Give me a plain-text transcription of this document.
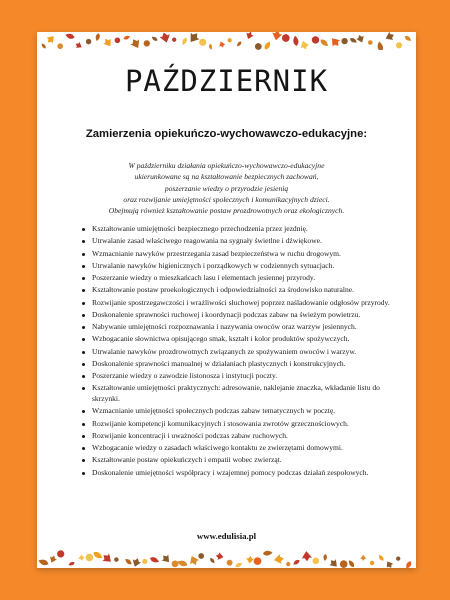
PAŹDZIERNIK
Zamierzenia opiekuńczo-wychowawczo-edukacyjne:
W październiku działania opiekuńczo-wychowawczo-edukacyjne
ukierunkowane są na kształtowanie bezpiecznych zachowań,
poszerzanie wiedzy o przyrodzie jesienią
oraz rozwijanie umiejętności społecznych i komunikacyjnych dzieci.
Obejmują również kształtowanie postaw prozdrowotnych oraz ekologicznych.
Kształtowanie umiejętności bezpiecznego przechodzenia przez jezdnię.
Utrwalanie zasad właściwego reagowania na sygnały świetlne i dźwiękowe.
Wzmacnianie nawyków przestrzegania zasad bezpieczeństwa w ruchu drogowym.
Utrwalanie nawyków higienicznych i porządkowych w codziennych sytuacjach.
Poszerzanie wiedzy o mieszkańcach lasu i elementach jesiennej przyrody.
Kształtowanie postaw proekologicznych i odpowiedzialności za środowisko naturalne.
Rozwijanie spostrzegawczości i wrażliwości słuchowej poprzez naśladowanie odgłosów przyrody.
Doskonalenie sprawności ruchowej i koordynacji podczas zabaw na świeżym powietrzu.
Nabywanie umiejętności rozpoznawania i nazywania owoców oraz warzyw jesiennych.
Wzbogacanie słownictwa opisującego smak, kształt i kolor produktów spożywczych.
Utrwalanie nawyków prozdrowotnych związanych ze spożywaniem owoców i warzyw.
Doskonalenie sprawności manualnej w działaniach plastycznych i konstrukcyjnych.
Poszerzanie wiedzy o zawodzie listonosza i instytucji poczty.
Kształtowanie umiejętności praktycznych: adresowanie, naklejanie znaczka, wkładanie listu do skrzynki.
Wzmacnianie umiejętności społecznych podczas zabaw tematycznych w pocztę.
Rozwijanie kompetencji komunikacyjnych i stosowania zwrotów grzecznościowych.
Rozwijanie koncentracji i uważności podczas zabaw ruchowych.
Wzbogacanie wiedzy o zasadach właściwego kontaktu ze zwierzętami domowymi.
Kształtowanie postaw opiekuńczych i empatii wobec zwierząt.
Doskonalenie umiejętności współpracy i wzajemnej pomocy podczas działań zespołowych.
www.edulisia.pl
